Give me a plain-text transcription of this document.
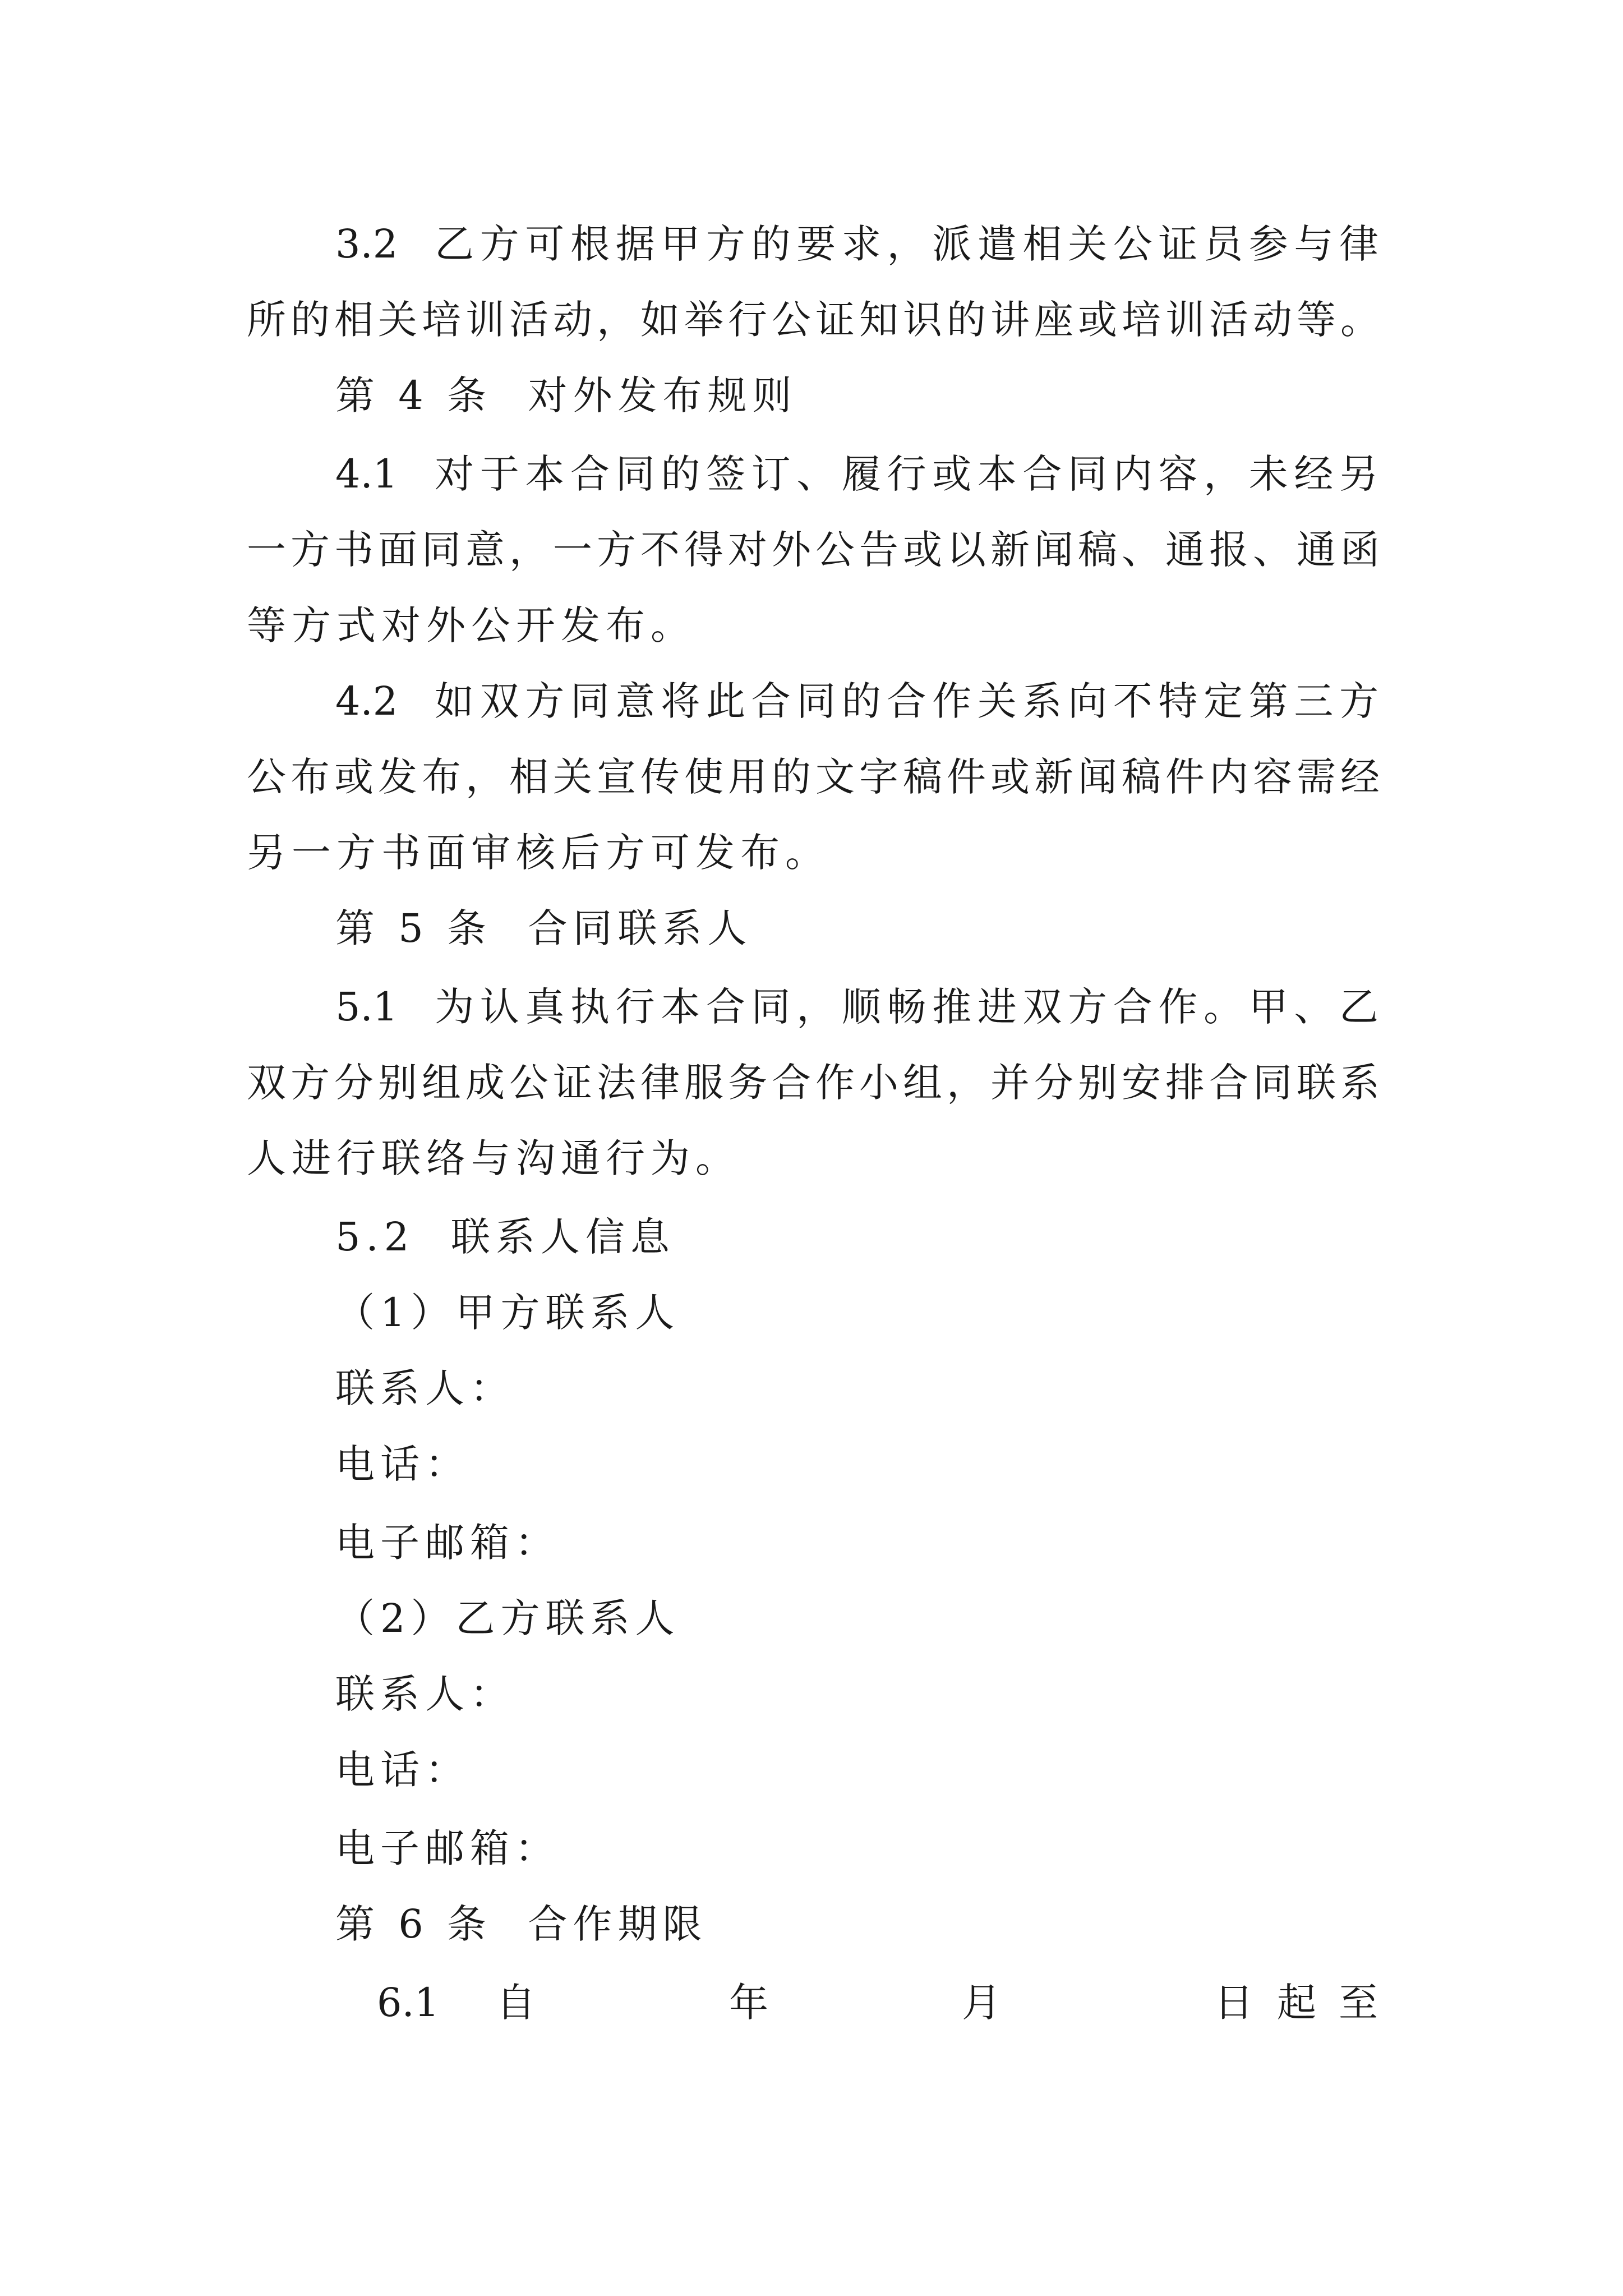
3.2  乙方可根据甲方的要求，派遣相关公证员参与律
所的相关培训活动，如举行公证知识的讲座或培训活动等。
第 4 条  对外发布规则
4.1  对于本合同的签订、履行或本合同内容，未经另
一方书面同意，一方不得对外公告或以新闻稿、通报、通函
等方式对外公开发布。
4.2  如双方同意将此合同的合作关系向不特定第三方
公布或发布，相关宣传使用的文字稿件或新闻稿件内容需经
另一方书面审核后方可发布。
第 5 条  合同联系人
5.1  为认真执行本合同，顺畅推进双方合作。甲、乙
双方分别组成公证法律服务合作小组，并分别安排合同联系
人进行联络与沟通行为。
5.2  联系人信息
（1）甲方联系人
联系人：
电话：
电子邮箱：
（2）乙方联系人
联系人：
电话：
电子邮箱：
第 6 条  合作期限
6.1 自	年	月	日 起 至
